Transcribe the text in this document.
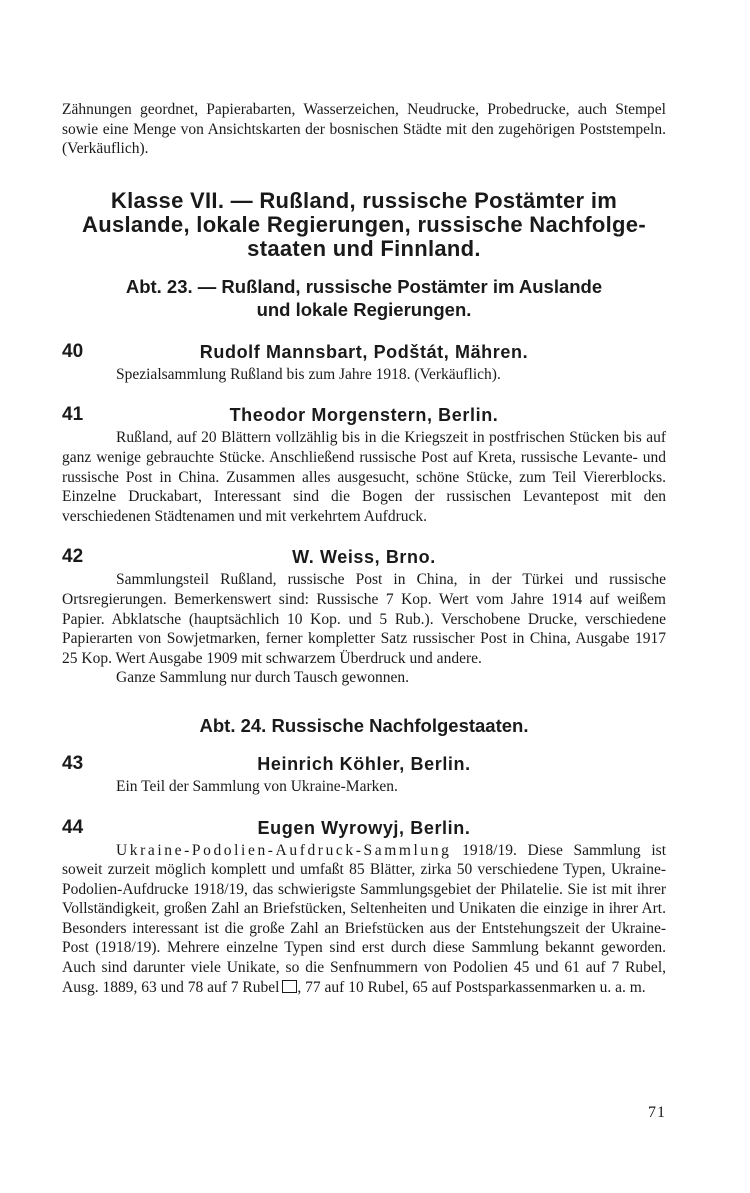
Zähnungen geordnet, Papierabarten, Wasserzeichen, Neudrucke, Probedrucke, auch Stempel sowie eine Menge von Ansichtskarten der bosnischen Städte mit den zugehörigen Poststempeln. (Verkäuflich).

Klasse VII. — Rußland, russische Postämter im
Auslande, lokale Regierungen, russische Nachfolge-
staaten und Finnland.
Abt. 23. — Rußland, russische Postämter im Auslande
und lokale Regierungen.
40	Rudolf Mannsbart, Podštát, Mähren.

Spezialsammlung Rußland bis zum Jahre 1918. (Verkäuflich).

41	Theodor Morgenstern, Berlin.

Rußland, auf 20 Blättern vollzählig bis in die Kriegszeit in postfrischen Stücken bis auf ganz wenige gebrauchte Stücke. Anschließend russische Post auf Kreta, russische Levante- und russische Post in China. Zusammen alles ausgesucht, schöne Stücke, zum Teil Viererblocks. Einzelne Druckabart, Interessant sind die Bogen der russischen Levantepost mit den verschiedenen Städtenamen und mit verkehrtem Aufdruck.

42	W. Weiss, Brno.

Sammlungsteil Rußland, russische Post in China, in der Türkei und russische Ortsregierungen. Bemerkenswert sind: Russische 7 Kop. Wert vom Jahre 1914 auf weißem Papier. Abklatsche (hauptsächlich 10 Kop. und 5 Rub.). Verschobene Drucke, verschiedene Papierarten von Sowjetmarken, ferner kompletter Satz russischer Post in China, Ausgabe 1917 25 Kop. Wert Ausgabe 1909 mit schwarzem Überdruck und andere.

Ganze Sammlung nur durch Tausch gewonnen.

Abt. 24. Russische Nachfolgestaaten.
43	Heinrich Köhler, Berlin.

Ein Teil der Sammlung von Ukraine-Marken.

44	Eugen Wyrowyj, Berlin.

Ukraine-Podolien-Aufdruck-Sammlung 1918/19. Diese Sammlung ist soweit zurzeit möglich komplett und umfaßt 85 Blätter, zirka 50 verschiedene Typen, Ukraine-Podolien-Aufdrucke 1918/19, das schwierigste Sammlungsgebiet der Philatelie. Sie ist mit ihrer Vollständigkeit, großen Zahl an Briefstücken, Seltenheiten und Unikaten die einzige in ihrer Art. Besonders interessant ist die große Zahl an Briefstücken aus der Entstehungszeit der Ukraine-Post (1918/19). Mehrere einzelne Typen sind erst durch diese Sammlung bekannt geworden. Auch sind darunter viele Unikate, so die Senfnummern von Podolien 45 und 61 auf 7 Rubel, Ausg. 1889, 63 und 78 auf 7 Rubel , 77 auf 10 Rubel, 65 auf Postsparkassenmarken u. a. m.

71
